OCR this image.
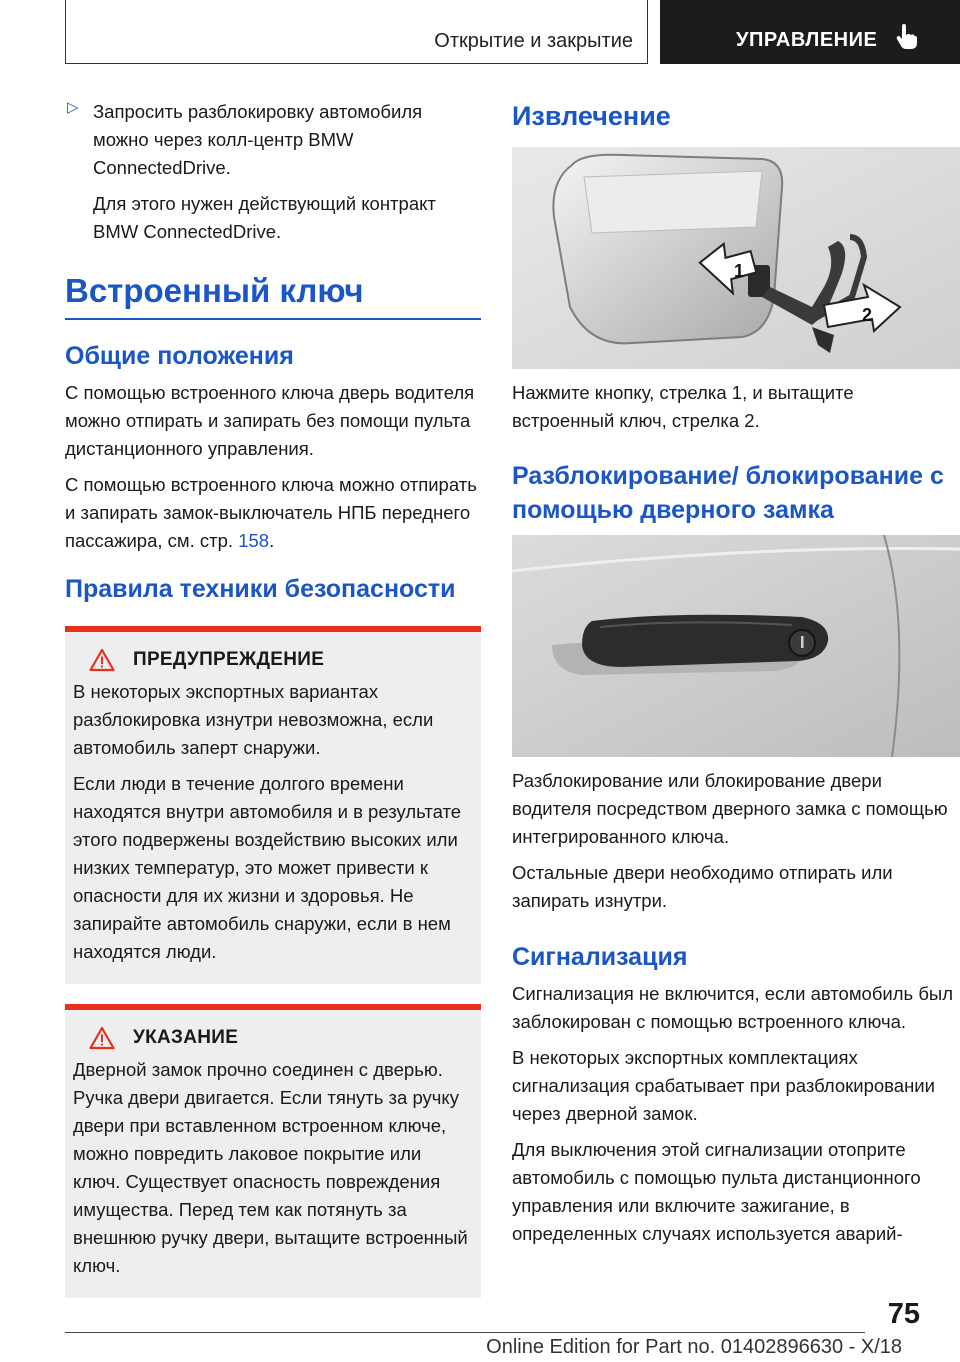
Открытие и закрытие	УПРАВЛЕНИЕ
▷ Запросить разблокировку автомобиля можно через колл-центр BMW ConnectedDrive.

Для этого нужен действующий контракт BMW ConnectedDrive.

Встроенный ключ
Общие положения

С помощью встроенного ключа дверь водителя можно отпирать и запирать без помощи пульта дистанционного управления.

С помощью встроенного ключа можно отпирать и запирать замок-выключатель НПБ переднего пассажира, см. стр. 158.

Правила техники безопасности
ПРЕДУПРЕЖДЕНИЕ

В некоторых экспортных вариантах разблокировка изнутри невозможна, если автомобиль заперт снаружи.

Если люди в течение долгого времени находятся внутри автомобиля и в результате этого подвержены воздействию высоких или низких температур, это может привести к опасности для их жизни и здоровья. Не запирайте автомобиль снаружи, если в нем находятся люди.

УКАЗАНИЕ

Дверной замок прочно соединен с дверью. Ручка двери двигается. Если тянуть за ручку двери при вставленном встроенном ключе, можно повредить лаковое покрытие или ключ. Существует опасность повреждения имущества. Перед тем как потянуть за внешнюю ручку двери, вытащите встроенный ключ.

Извлечение
1
2

Нажмите кнопку, стрелка 1, и вытащите встроенный ключ, стрелка 2.

Разблокирование/ блокирование с помощью дверного замка

Разблокирование или блокирование двери водителя посредством дверного замка с помощью интегрированного ключа.

Остальные двери необходимо отпирать или запирать изнутри.

Сигнализация

Сигнализация не включится, если автомобиль был заблокирован с помощью встроенного ключа.

В некоторых экспортных комплектациях сигнализация срабатывает при разблокировании через дверной замок.

Для выключения этой сигнализации отоприте автомобиль с помощью пульта дистанционного управления или включите зажигание, в определенных случаях используется аварий-

75
Online Edition for Part no. 01402896630 - X/18
